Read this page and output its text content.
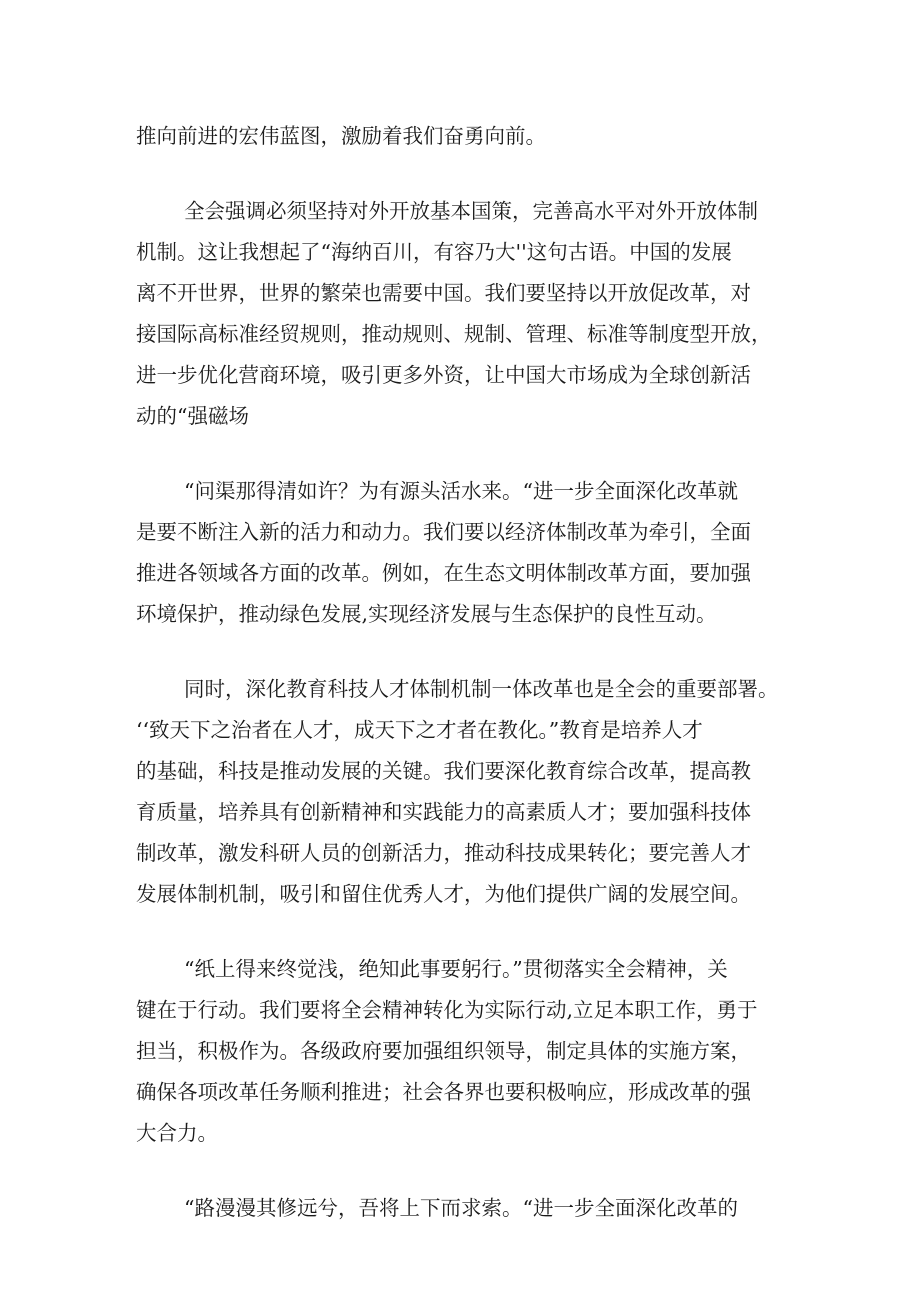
推向前进的宏伟蓝图，激励着我们奋勇向前。
全会强调必须坚持对外开放基本国策，完善高水平对外开放体制
机制。这让我想起了“海纳百川，有容乃大''这句古语。中国的发展
离不开世界，世界的繁荣也需要中国。我们要坚持以开放促改革，对
接国际高标准经贸规则，推动规则、规制、管理、标准等制度型开放，
进一步优化营商环境，吸引更多外资，让中国大市场成为全球创新活
动的“强磁场
“问渠那得清如许？为有源头活水来。“进一步全面深化改革就
是要不断注入新的活力和动力。我们要以经济体制改革为牵引，全面
推进各领域各方面的改革。例如，在生态文明体制改革方面，要加强
环境保护，推动绿色发展,实现经济发展与生态保护的良性互动。
同时，深化教育科技人才体制机制一体改革也是全会的重要部署。
‘‘致天下之治者在人才，成天下之才者在教化。”教育是培养人才
的基础，科技是推动发展的关键。我们要深化教育综合改革，提高教
育质量，培养具有创新精神和实践能力的高素质人才；要加强科技体
制改革，激发科研人员的创新活力，推动科技成果转化；要完善人才
发展体制机制，吸引和留住优秀人才，为他们提供广阔的发展空间。
“纸上得来终觉浅，绝知此事要躬行。”贯彻落实全会精神，关
键在于行动。我们要将全会精神转化为实际行动,立足本职工作，勇于
担当，积极作为。各级政府要加强组织领导，制定具体的实施方案，
确保各项改革任务顺利推进；社会各界也要积极响应，形成改革的强
大合力。
“路漫漫其修远兮，吾将上下而求索。“进一步全面深化改革的
